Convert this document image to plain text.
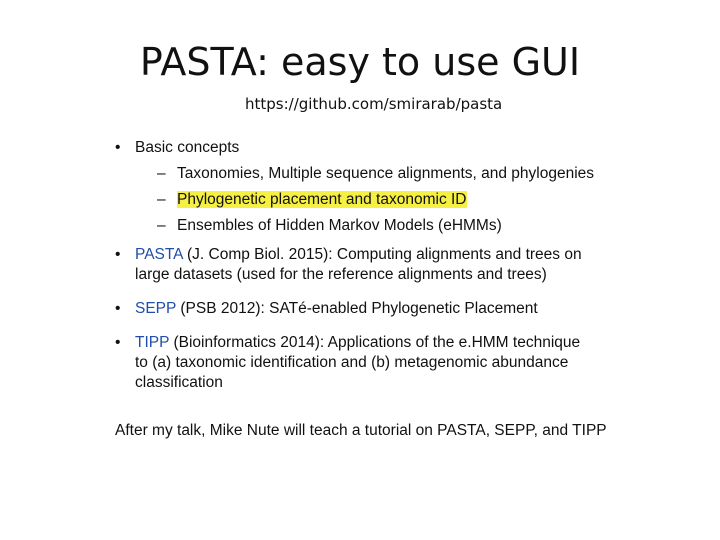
PASTA: easy to use GUI
https://github.com/smirarab/pasta
• Basic concepts
– Taxonomies, Multiple sequence alignments, and phylogenies
– Phylogenetic placement and taxonomic ID
– Ensembles of Hidden Markov Models (eHMMs)
• PASTA (J. Comp Biol. 2015): Computing alignments and trees on large datasets (used for the reference alignments and trees)
• SEPP (PSB 2012): SATé-enabled Phylogenetic Placement
• TIPP (Bioinformatics 2014): Applications of the e.HMM technique to (a) taxonomic identification and (b) metagenomic abundance classification
After my talk, Mike Nute will teach a tutorial on PASTA, SEPP, and TIPP
